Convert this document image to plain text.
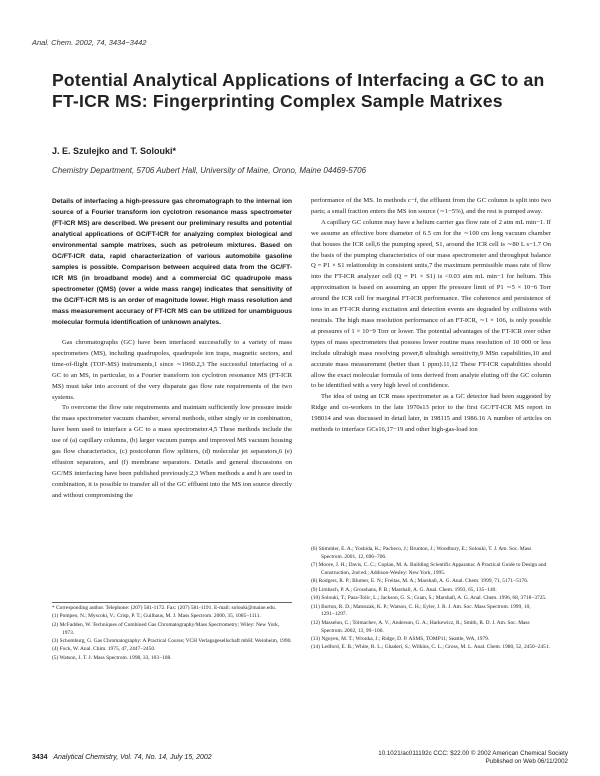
Anal. Chem. 2002, 74, 3434−3442
Potential Analytical Applications of Interfacing a GC to an FT-ICR MS: Fingerprinting Complex Sample Matrixes
J. E. Szulejko and T. Solouki*
Chemistry Department, 5706 Aubert Hall, University of Maine, Orono, Maine 04469-5706

Details of interfacing a high-pressure gas chromatograph to the internal ion source of a Fourier transform ion cyclotron resonance mass spectrometer (FT-ICR MS) are described. We present our preliminary results and potential analytical applications of GC/FT-ICR for analyzing complex biological and environmental sample matrixes, such as petroleum mixtures. Based on GC/FT-ICR data, rapid characterization of various automobile gasoline samples is possible. Comparison between acquired data from the GC/FT-ICR MS (in broadband mode) and a commercial GC quadrupole mass spectrometer (QMS) (over a wide mass range) indicates that sensitivity of the GC/FT-ICR MS is an order of magnitude lower. High mass resolution and mass measurement accuracy of FT-ICR MS can be utilized for unambiguous molecular formula identification of unknown analytes.

Gas chromatographs (GC) have been interfaced successfully to a variety of mass spectrometers (MS), including quadrupoles, quadrupole ion traps, magnetic sectors, and time-of-flight (TOF-MS) instruments,1 since ∼1960.2,3 The successful interfacing of a GC to an MS, in particular, to a Fourier transform ion cyclotron resonance MS (FT-ICR MS) must take into account of the very disparate gas flow rate requirements of the two systems.

To overcome the flow rate requirements and maintain sufficiently low pressure inside the mass spectrometer vacuum chamber, several methods, either singly or in combination, have been used to interface a GC to a mass spectrometer.4,5 These methods include the use of (a) capillary columns, (b) larger vacuum pumps and improved MS vacuum housing gas flow characteristics, (c) postcolumn flow splitters, (d) molecular jet separators,6 (e) effusion separators, and (f) membrane separators. Details and general discussions on GC/MS interfacing have been published previously.2,3 When methods a and h are used in combination, it is possible to transfer all of the GC effluent into the MS ion source directly and without compromising the

* Corresponding author. Telephone: (207) 581-1172. Fax: (207) 581-1191. E-mail: solouki@maine.edu.

(1) Pompeo, N.; Myscoki, V.; Crisp, P. T.; Guilhaus, M. J. Mass Spectrom. 2000, 35, 1085−1111.

(2) McFadden, W. Techniques of Combined Gas Chromatography/Mass Spectrometry; Wiley: New York, 1973.

(3) Schomburg, G. Gas Chromatography: A Practical Course; VCH Verlagsgesellschaft mbH: Weinheim, 1990.

(4) Fock, W. Anal. Chim. 1975, 47, 2447−2450.

(5) Watson, J. T. J. Mass Spectrom. 1998, 33, 103−108.

performance of the MS. In methods c−f, the effluent from the GC column is split into two parts; a small fraction enters the MS ion source (∼1−5%), and the rest is pumped away.

A capillary GC column may have a helium carrier gas flow rate of 2 atm mL min−1. If we assume an effective bore diameter of 6.5 cm for the ∼100 cm long vacuum chamber that houses the ICR cell,6 the pumping speed, S1, around the ICR cell is ∼80 L s−1.7 On the basis of the pumping characteristics of our mass spectrometer and throughput balance Q = P1 × S1 relationship in consistent units,7 the maximum permissible mass rate of flow into the FT-ICR analyzer cell (Q = P1 × S1) is <0.03 atm mL min−1 for helium. This approximation is based on assuming an upper He pressure limit of P1 ∼5 × 10−6 Torr around the ICR cell for marginal FT-ICR performance. The coherence and persistence of ions in an FT-ICR during excitation and detection events are degraded by collisions with neutrals. The high mass resolution performance of an FT-ICR, ∼1 × 106, is only possible at pressures of 1 × 10−9 Torr or lower. The potential advantages of the FT-ICR over other types of mass spectrometers that possess lower routine mass resolution of 10 000 or less include ultrahigh mass resolving power,8 ultrahigh sensitivity,9 MSn capabilities,10 and accurate mass measurement (better than 1 ppm).11,12 These FT-ICR capabilities should allow the exact molecular formula of ions derived from analyte eluting off the GC column to be identified with a very high level of confidence.

The idea of using an ICR mass spectrometer as a GC detector had been suggested by Ridge and co-workers in the late 1970s13 prior to the first GC/FT-ICR MS report in 198014 and was discussed in detail later, in 198115 and 1986.16 A number of articles on methods to interface GCs16,17−19 and other high-gas-load ion

(6) Stimmler, E. A.; Yoshida, K.; Pacheco, J.; Brunton, J.; Woodbury, E.; Solouki, T. J. Am. Soc. Mass Spectrom. 2001, 12, 696−706.

(7) Moore, J. H.; Davis, C. C.; Coplan, M. A. Building Scientific Apparatus: A Practical Guide to Design and Construction, 2nd ed.; Addison-Wesley: New York, 1995.

(8) Rodgers, R. P.; Blumer, E. N.; Freitas, M. A.; Marshall, A. G. Anal. Chem. 1999, 71, 5171−5176.

(9) Limbach, P. A.; Grosshans, P. B.; Marshall, A. G. Anal. Chem. 1993, 65, 135−140.

(10) Solouki, T.; Pasa-Tolic, L.; Jackson, G. S.; Guan, S.; Marshall, A. G. Anal. Chem. 1996, 68, 3718−3725.

(11) Burton, R. D.; Matuszak, K. P.; Watson, C. H.; Eyler, J. R. J. Am. Soc. Mass Spectrom. 1999, 10, 1291−1297.

(12) Masselon, C.; Tolmachev, A. V.; Anderson, G. A.; Harkewicz, R.; Smith, R. D. J. Am. Soc. Mass Spectrom. 2002, 13, 99−106.

(13) Nguyen, M. T.; Wronka, J.; Ridge, D. P. ASMS, TOMP11; Seattle, WA, 1979.

(14) Ledford, E. B.; White, R. L.; Ghaderi, S.; Wilkins, C. L.; Gross, M. L. Anal. Chem. 1980, 52, 2450−2451.

3434 Analytical Chemistry, Vol. 74, No. 14, July 15, 2002
10.1021/ac011192c CCC: $22.00 © 2002 American Chemical Society
Published on Web 06/11/2002
